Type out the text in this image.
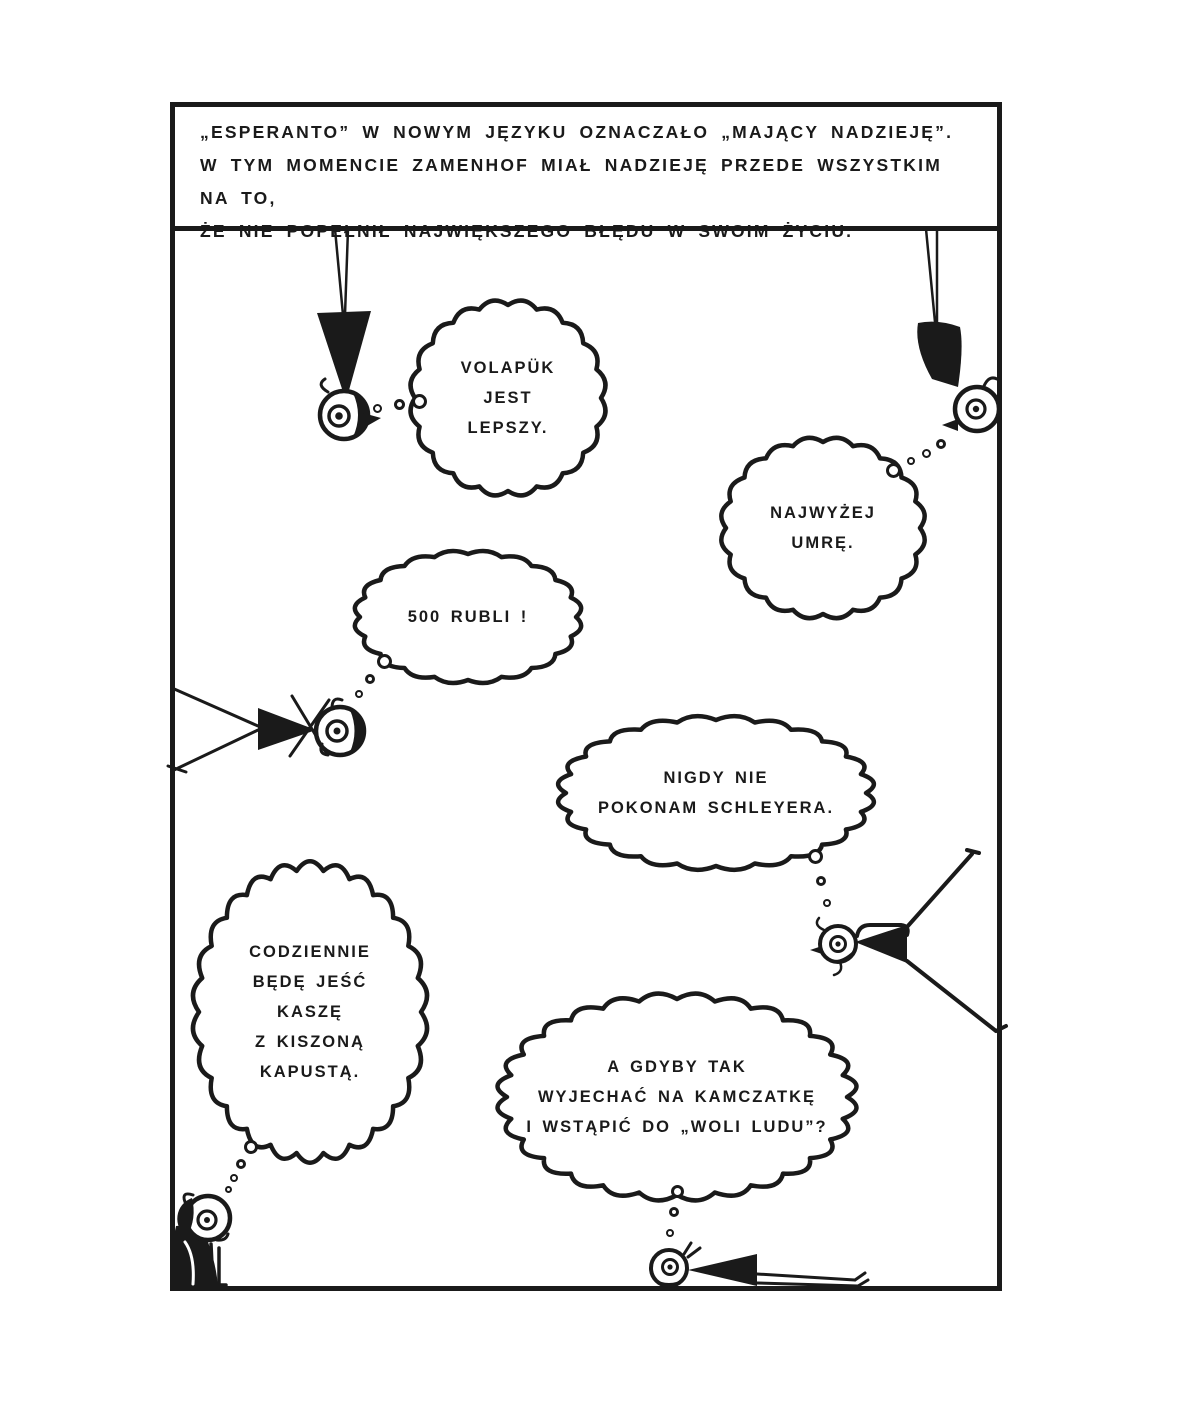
„ESPERANTO” W NOWYM JĘZYKU OZNACZAŁO „MAJĄCY NADZIEJĘ”.
W TYM MOMENCIE ZAMENHOF MIAŁ NADZIEJĘ PRZEDE WSZYSTKIM NA TO,
ŻE NIE POPEŁNIŁ NAJWIĘKSZEGO BŁĘDU W SWOIM ŻYCIU.
VOLAPÜK
JEST
LEPSZY.
NAJWYŻEJ
UMRĘ.
500 RUBLI !
NIGDY NIE
POKONAM SCHLEYERA.
CODZIENNIE
BĘDĘ JEŚĆ
KASZĘ
Z KISZONĄ
KAPUSTĄ.	A GDYBY TAK
WYJECHAĆ NA KAMCZATKĘ
I WSTĄPIĆ DO „WOLI LUDU”?
